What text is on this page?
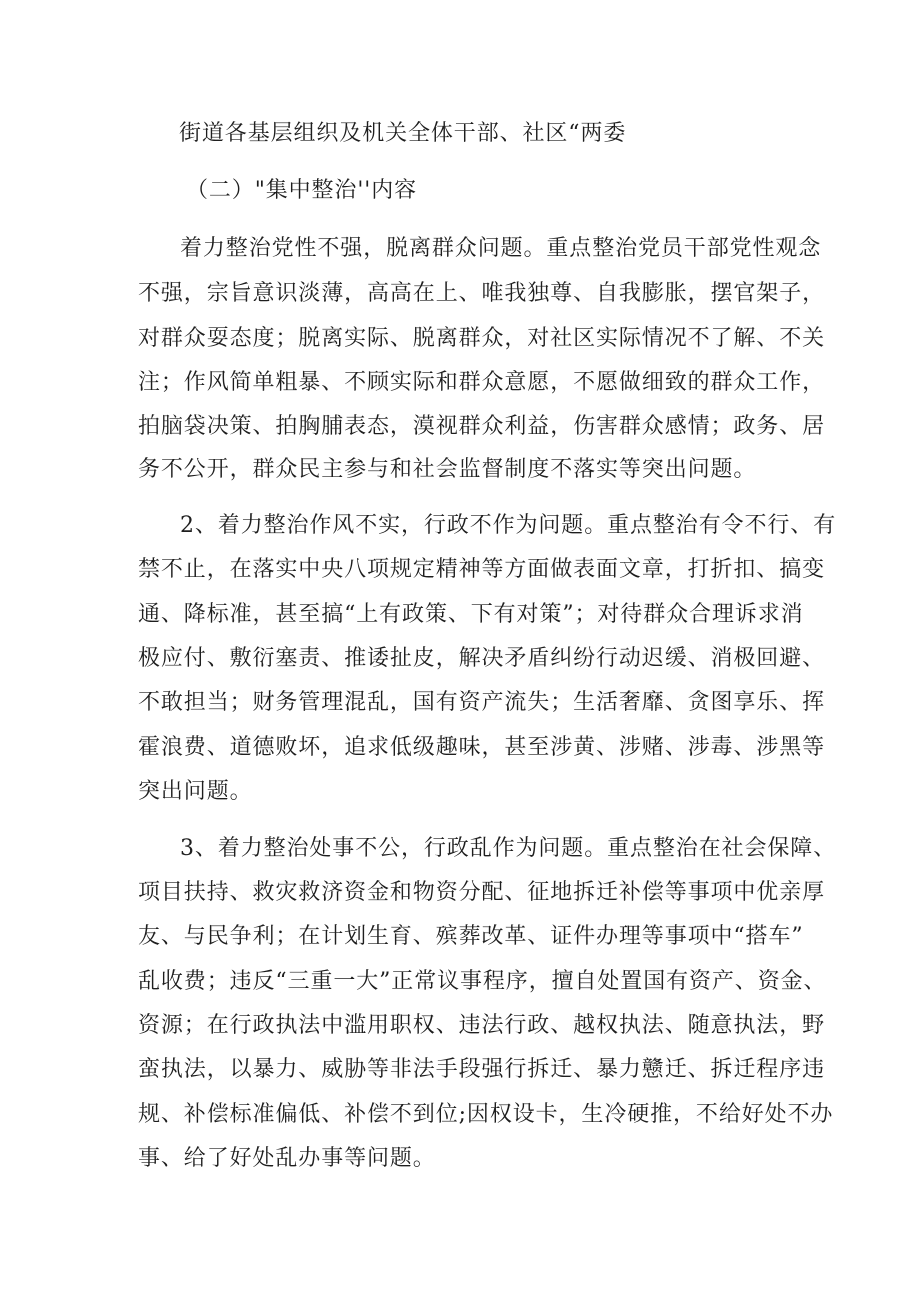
街道各基层组织及机关全体干部、社区“两委
（二）"集中整治''内容
着力整治党性不强，脱离群众问题。重点整治党员干部党性观念
不强，宗旨意识淡薄，高高在上、唯我独尊、自我膨胀，摆官架子，
对群众耍态度；脱离实际、脱离群众，对社区实际情况不了解、不关
注；作风简单粗暴、不顾实际和群众意愿，不愿做细致的群众工作，
拍脑袋决策、拍胸脯表态，漠视群众利益，伤害群众感情；政务、居
务不公开，群众民主参与和社会监督制度不落实等突出问题。
2、着力整治作风不实，行政不作为问题。重点整治有令不行、有
禁不止，在落实中央八项规定精神等方面做表面文章，打折扣、搞变
通、降标准，甚至搞“上有政策、下有对策”；对待群众合理诉求消
极应付、敷衍塞责、推诿扯皮，解决矛盾纠纷行动迟缓、消极回避、
不敢担当；财务管理混乱，国有资产流失；生活奢靡、贪图享乐、挥
霍浪费、道德败坏，追求低级趣味，甚至涉黄、涉赌、涉毒、涉黑等
突出问题。
3、着力整治处事不公，行政乱作为问题。重点整治在社会保障、
项目扶持、救灾救济资金和物资分配、征地拆迁补偿等事项中优亲厚
友、与民争利；在计划生育、殡葬改革、证件办理等事项中“搭车”
乱收费；违反“三重一大”正常议事程序，擅自处置国有资产、资金、
资源；在行政执法中滥用职权、违法行政、越权执法、随意执法，野
蛮执法，以暴力、威胁等非法手段强行拆迁、暴力戆迁、拆迁程序违
规、补偿标准偏低、补偿不到位;因权设卡，生冷硬推，不给好处不办
事、给了好处乱办事等问题。
